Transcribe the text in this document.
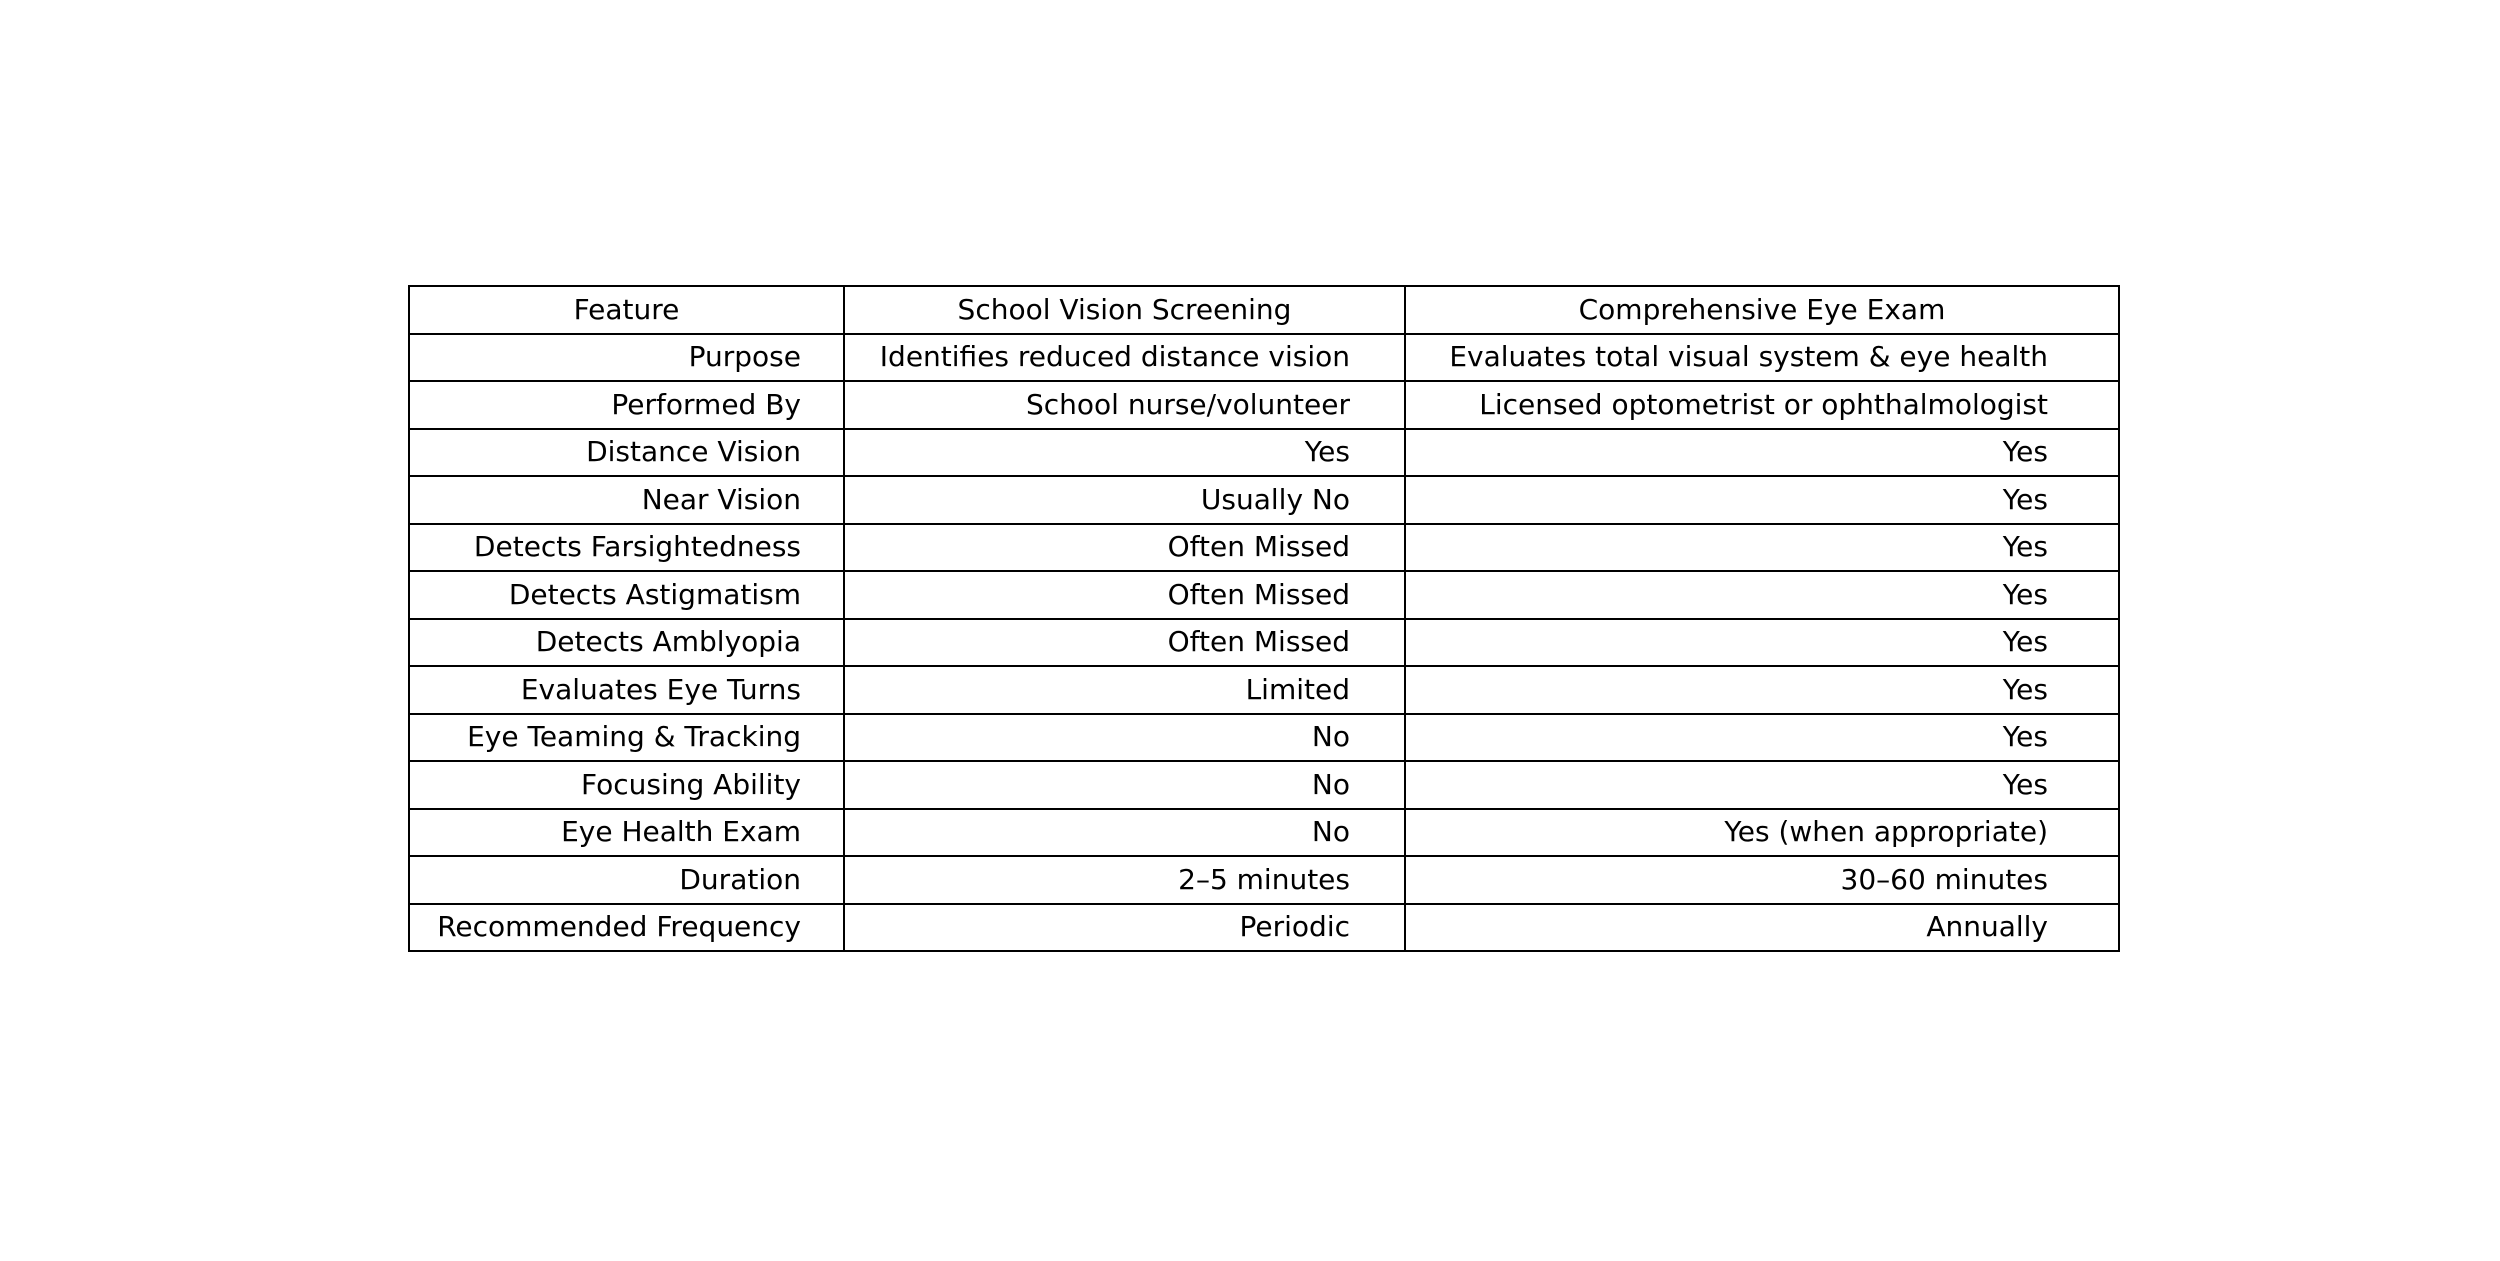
Feature	School Vision Screening	Comprehensive Eye Exam
Purpose	Identifies reduced distance vision	Evaluates total visual system & eye health
Performed By	School nurse/volunteer	Licensed optometrist or ophthalmologist
Distance Vision	Yes	Yes
Near Vision	Usually No	Yes
Detects Farsightedness	Often Missed	Yes
Detects Astigmatism	Often Missed	Yes
Detects Amblyopia	Often Missed	Yes
Evaluates Eye Turns	Limited	Yes
Eye Teaming & Tracking	No	Yes
Focusing Ability	No	Yes
Eye Health Exam	No	Yes (when appropriate)
Duration	2–5 minutes	30–60 minutes
Recommended Frequency	Periodic	Annually
